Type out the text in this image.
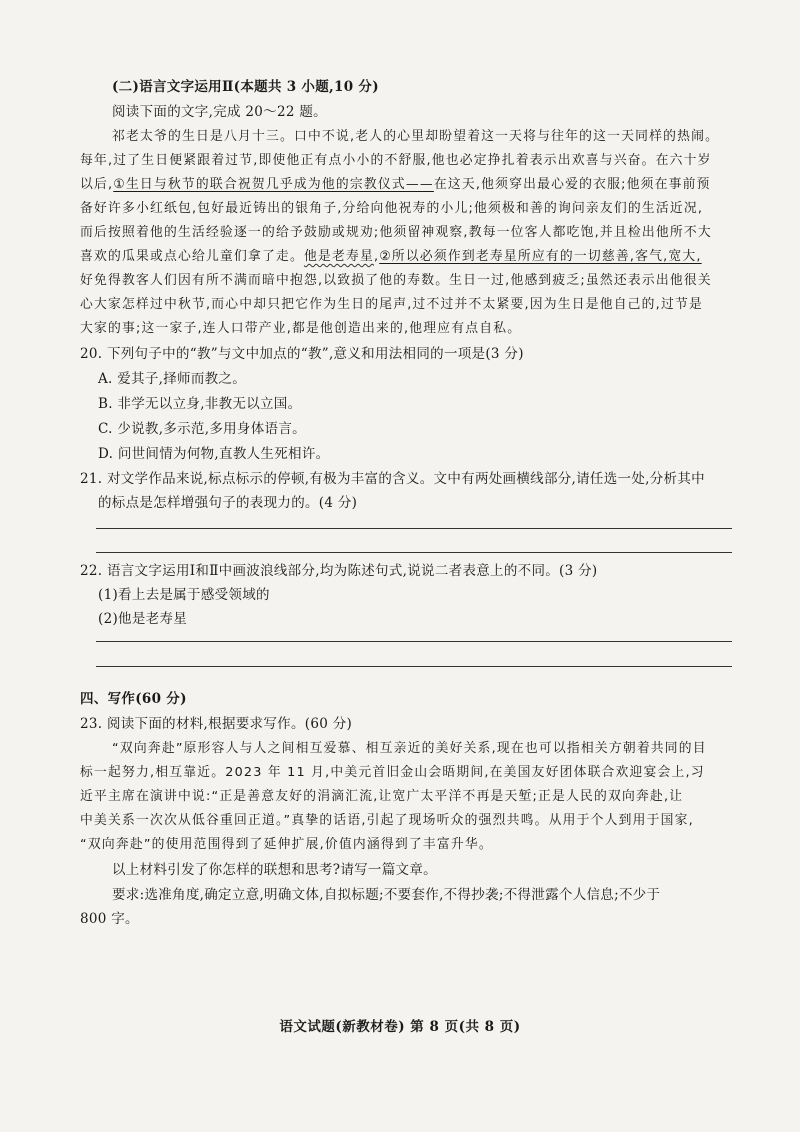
(二)语言文字运用Ⅱ(本题共 3 小题,10 分)
阅读下面的文字,完成 20～22 题。
祁老太爷的生日是八月十三。口中不说,老人的心里却盼望着这一天将与往年的这一天同样的热闹。
每年,过了生日便紧跟着过节,即使他正有点小小的不舒服,他也必定挣扎着表示出欢喜与兴奋。在六十岁
以后,①生日与秋节的联合祝贺几乎成为他的宗教仪式——在这天,他须穿出最心爱的衣服;他须在事前预
备好许多小红纸包,包好最近铸出的银角子,分给向他祝寿的小儿;他须极和善的询问亲友们的生活近况,
而后按照着他的生活经验逐一的给予鼓励或规劝;他须留神观察,教每一位客人都吃饱,并且检出他所不大
喜欢的瓜果或点心给儿童们拿了走。他是老寿星,②所以必须作到老寿星所应有的一切慈善,客气,宽大,
好免得教客人们因有所不满而暗中抱怨,以致损了他的寿数。生日一过,他感到疲乏;虽然还表示出他很关
心大家怎样过中秋节,而心中却只把它作为生日的尾声,过不过并不太紧要,因为生日是他自己的,过节是
大家的事;这一家子,连人口带产业,都是他创造出来的,他理应有点自私。
20. 下列句子中的“教”与文中加点的“教”,意义和用法相同的一项是(3 分)
A. 爱其子,择师而教之。
B. 非学无以立身,非教无以立国。
C. 少说教,多示范,多用身体语言。
D. 问世间情为何物,直教人生死相许。
21. 对文学作品来说,标点标示的停顿,有极为丰富的含义。文中有两处画横线部分,请任选一处,分析其中
的标点是怎样增强句子的表现力的。(4 分)
22. 语言文字运用Ⅰ和Ⅱ中画波浪线部分,均为陈述句式,说说二者表意上的不同。(3 分)
(1)看上去是属于感受领域的
(2)他是老寿星
四、写作(60 分)
23. 阅读下面的材料,根据要求写作。(60 分)
“双向奔赴”原形容人与人之间相互爱慕、相互亲近的美好关系,现在也可以指相关方朝着共同的目
标一起努力,相互靠近。2023 年 11 月,中美元首旧金山会晤期间,在美国友好团体联合欢迎宴会上,习
近平主席在演讲中说:“正是善意友好的涓滴汇流,让宽广太平洋不再是天堑;正是人民的双向奔赴,让
中美关系一次次从低谷重回正道。”真挚的话语,引起了现场听众的强烈共鸣。从用于个人到用于国家,
“双向奔赴”的使用范围得到了延伸扩展,价值内涵得到了丰富升华。
以上材料引发了你怎样的联想和思考?请写一篇文章。
要求:选准角度,确定立意,明确文体,自拟标题;不要套作,不得抄袭;不得泄露个人信息;不少于
800 字。
语文试题(新教材卷) 第 8 页(共 8 页)
